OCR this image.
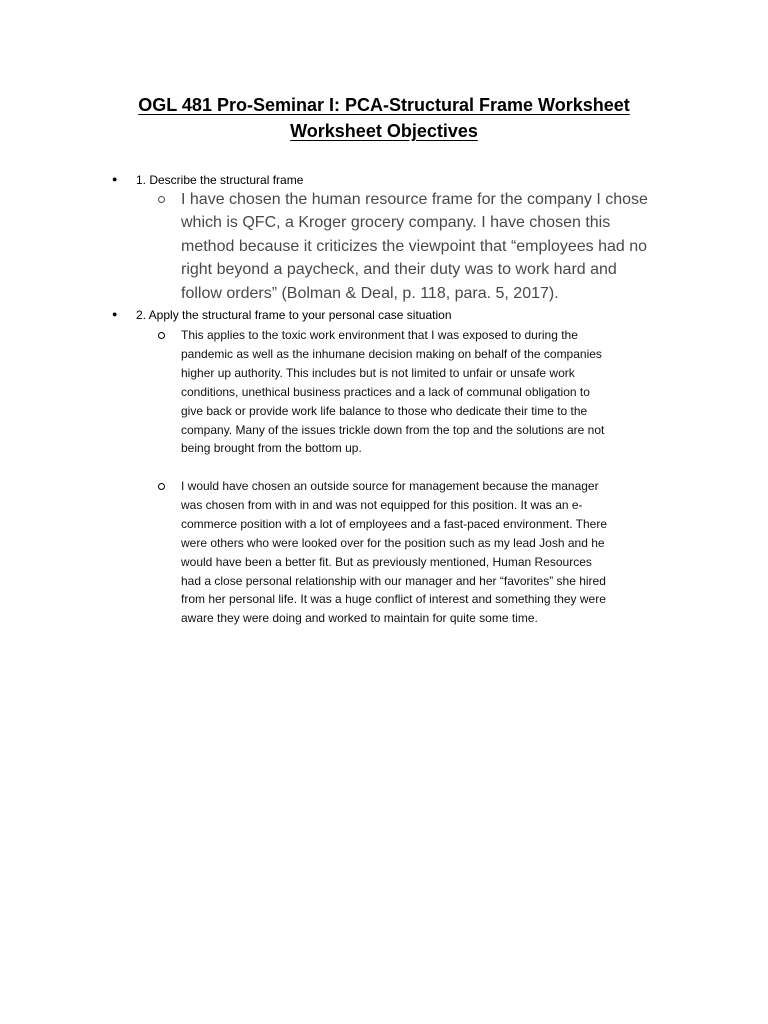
OGL 481 Pro-Seminar I: PCA-Structural Frame Worksheet
Worksheet Objectives
● 1. Describe the structural frame
I have chosen the human resource frame for the company I chose
which is QFC, a Kroger grocery company. I have chosen this
method because it criticizes the viewpoint that “employees had no
right beyond a paycheck, and their duty was to work hard and
follow orders” (Bolman & Deal, p. 118, para. 5, 2017).
● 2. Apply the structural frame to your personal case situation
This applies to the toxic work environment that I was exposed to during the
pandemic as well as the inhumane decision making on behalf of the companies
higher up authority. This includes but is not limited to unfair or unsafe work
conditions, unethical business practices and a lack of communal obligation to
give back or provide work life balance to those who dedicate their time to the
company. Many of the issues trickle down from the top and the solutions are not
being brought from the bottom up.
I would have chosen an outside source for management because the manager
was chosen from with in and was not equipped for this position. It was an e-
commerce position with a lot of employees and a fast-paced environment. There
were others who were looked over for the position such as my lead Josh and he
would have been a better fit. But as previously mentioned, Human Resources
had a close personal relationship with our manager and her “favorites” she hired
from her personal life. It was a huge conflict of interest and something they were
aware they were doing and worked to maintain for quite some time.
